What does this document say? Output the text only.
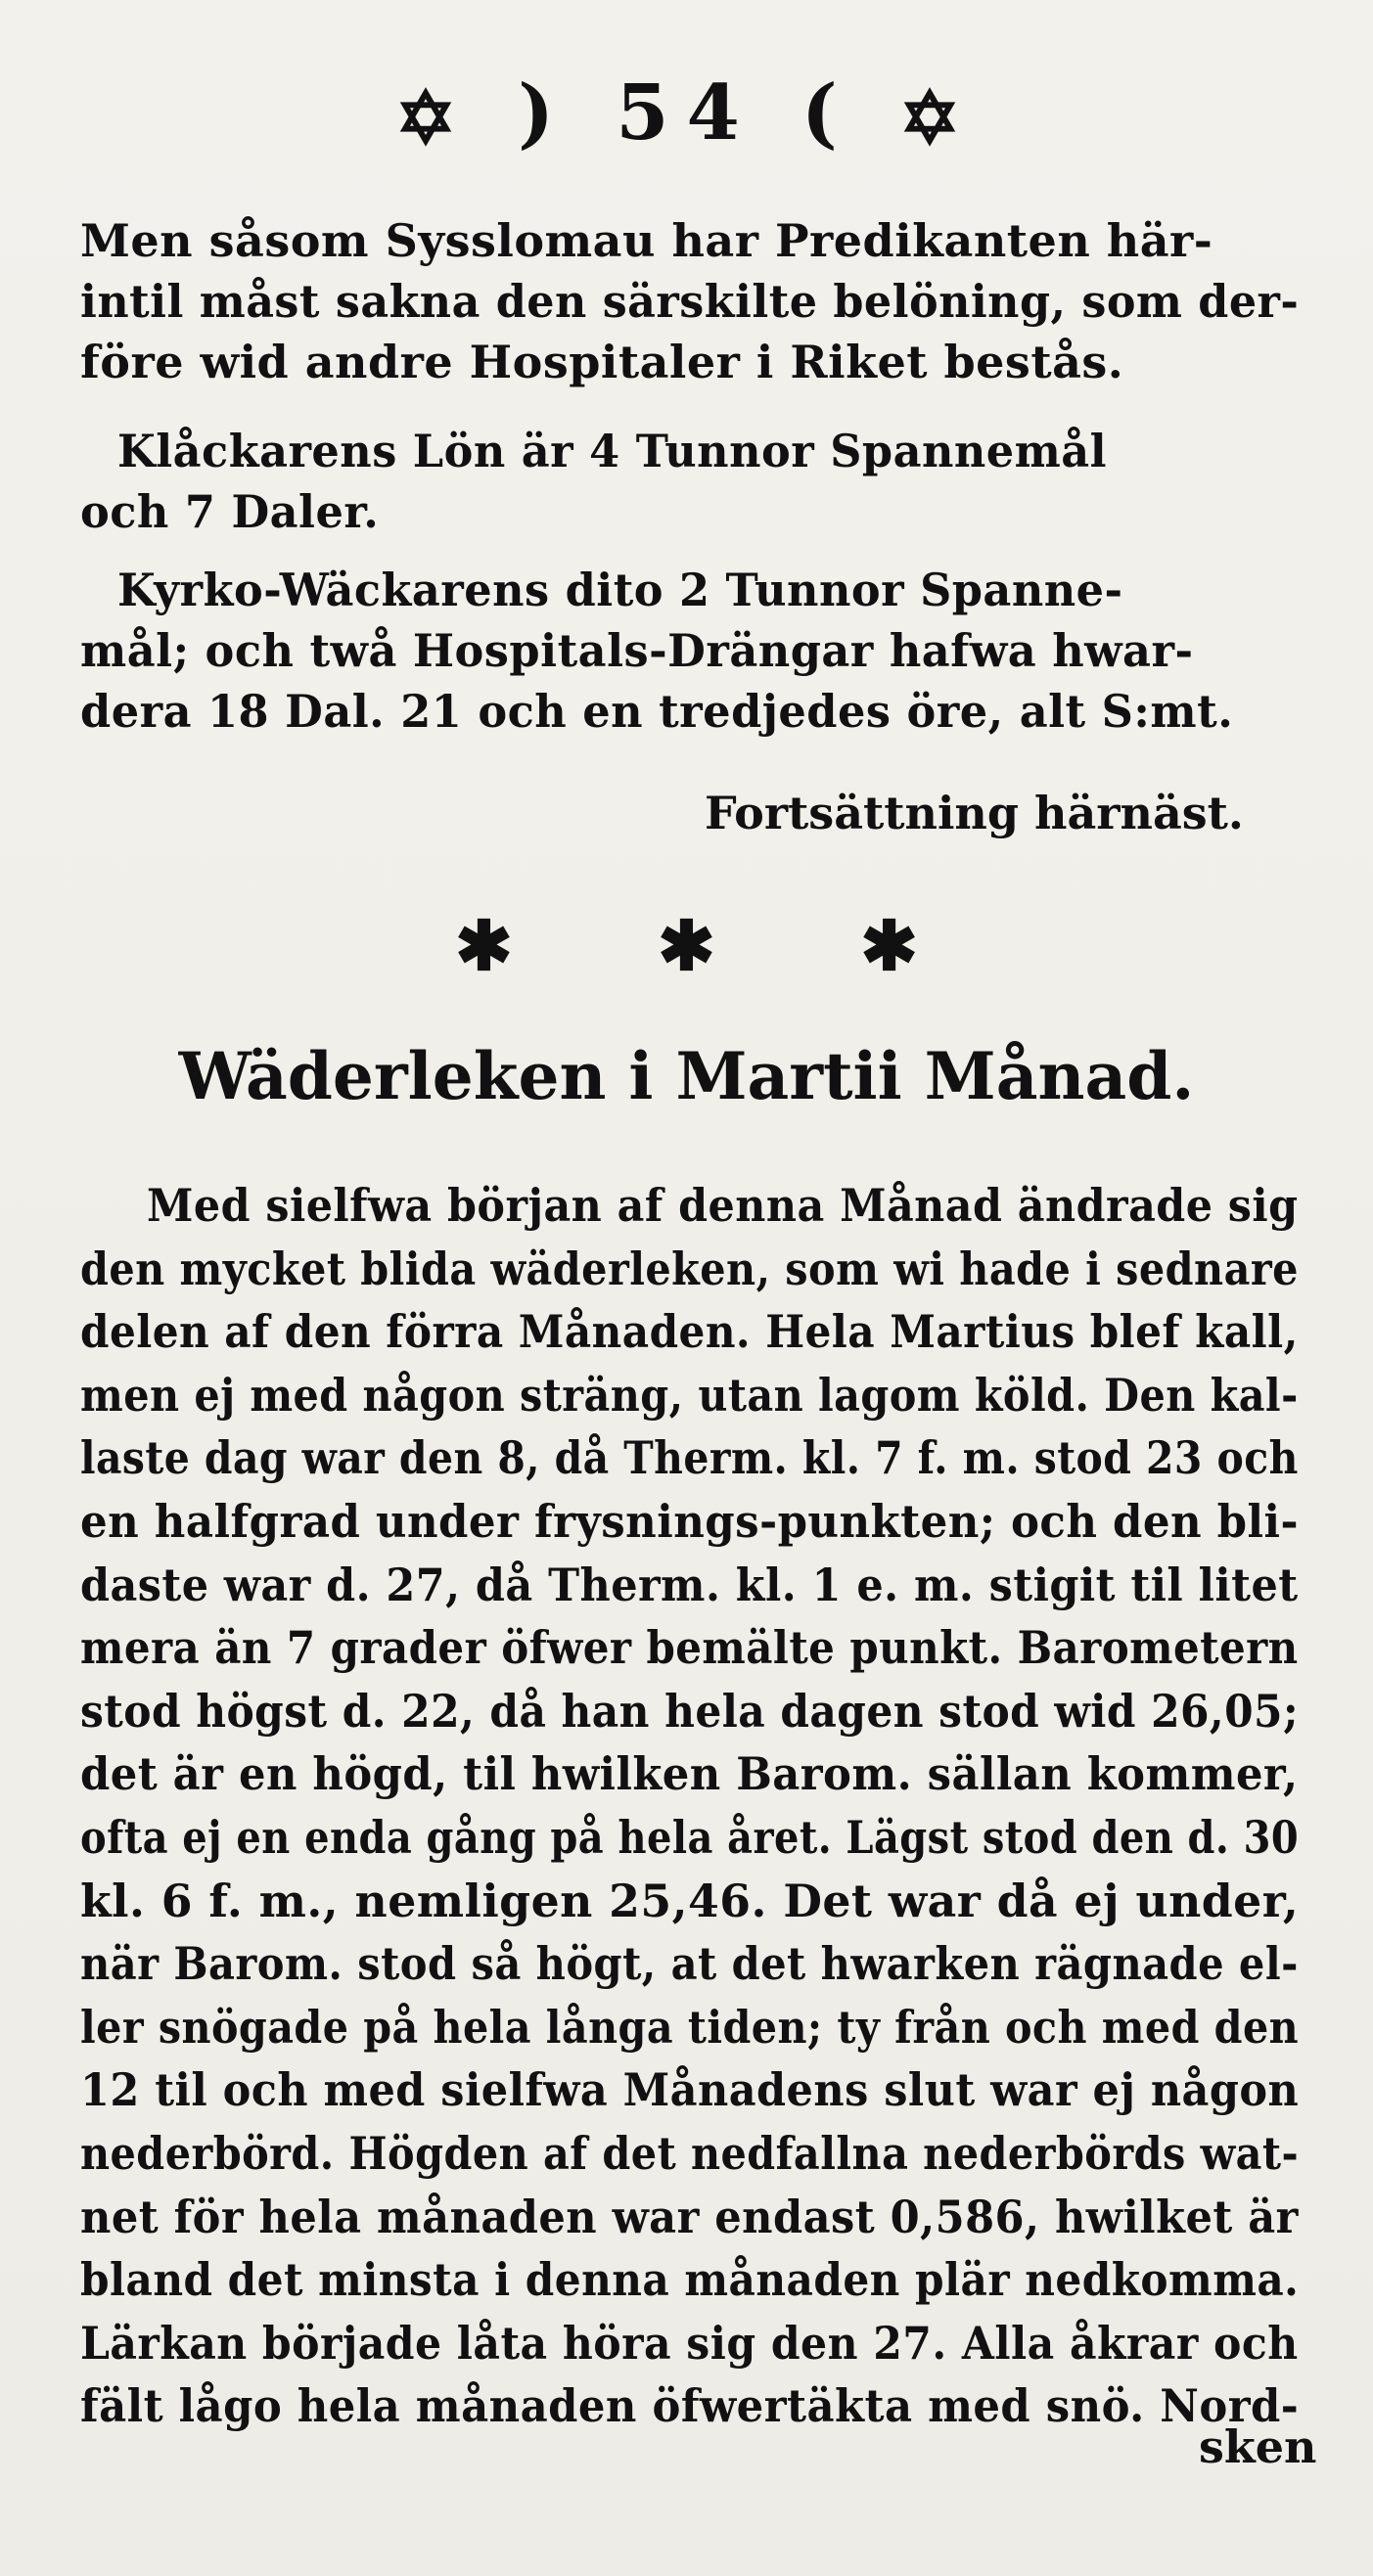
✡ ) 54 ( ✡

Men såsom Sysslomau har Predikanten här-
intil måst sakna den särskilte belöning, som der-
före wid andre Hospitaler i Riket bestås.

Klåckarens Lön är 4 Tunnor Spannemål
och 7 Daler.

Kyrko-Wäckarens dito 2 Tunnor Spanne-
mål; och twå Hospitals-Drängar hafwa hwar-
dera 18 Dal. 21 och en tredjedes öre, alt S:mt.

Fortsättning härnäst.
✱ ✱ ✱
Wäderleken i Martii Månad.

Med sielfwa början af denna Månad ändrade sig
den mycket blida wäderleken, som wi hade i sednare
delen af den förra Månaden. Hela Martius blef kall,
men ej med någon sträng, utan lagom köld. Den kal-
laste dag war den 8, då Therm. kl. 7 f. m. stod 23 och
en halfgrad under frysnings-punkten; och den bli-
daste war d. 27, då Therm. kl. 1 e. m. stigit til litet
mera än 7 grader öfwer bemälte punkt. Barometern
stod högst d. 22, då han hela dagen stod wid 26,05;
det är en högd, til hwilken Barom. sällan kommer,
ofta ej en enda gång på hela året. Lägst stod den d. 30
kl. 6 f. m., nemligen 25,46. Det war då ej under,
när Barom. stod så högt, at det hwarken rägnade el-
ler snögade på hela långa tiden; ty från och med den
12 til och med sielfwa Månadens slut war ej någon
nederbörd. Högden af det nedfallna nederbörds wat-
net för hela månaden war endast 0,586, hwilket är
bland det minsta i denna månaden plär nedkomma.
Lärkan började låta höra sig den 27. Alla åkrar och
fält lågo hela månaden öfwertäkta med snö. Nord-

sken
